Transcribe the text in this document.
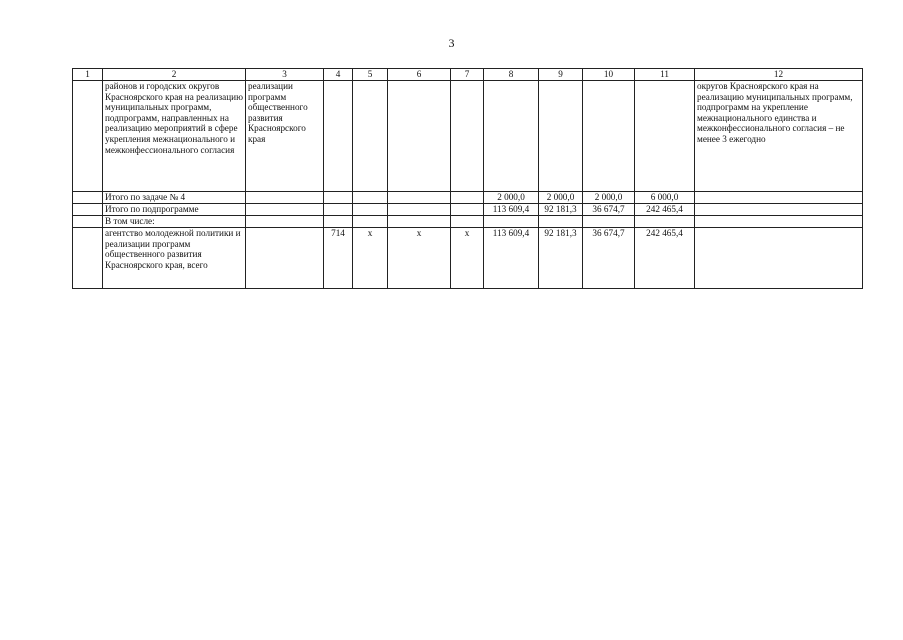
3
1	2	3	4	5	6	7	8	9	10	11	12
	районов и городских округов Красноярского края на реализацию муниципальных программ, подпрограмм, направленных на реализацию мероприятий в сфере укрепления межнационального и межконфессионального согласия	реализации программ общественного развития Красноярского края									округов Красноярского края на реализацию муниципальных программ, подпрограмм на укрепление межнационального единства и межконфессионального согласия – не менее 3 ежегодно
	Итого по задаче № 4						2 000,0	2 000,0	2 000,0	6 000,0	
	Итого по подпрограмме						113 609,4	92 181,3	36 674,7	242 465,4	
	В том числе:										
	агентство молодежной политики и реализации программ общественного развития Красноярского края, всего		714	х	х	х	113 609,4	92 181,3	36 674,7	242 465,4	
